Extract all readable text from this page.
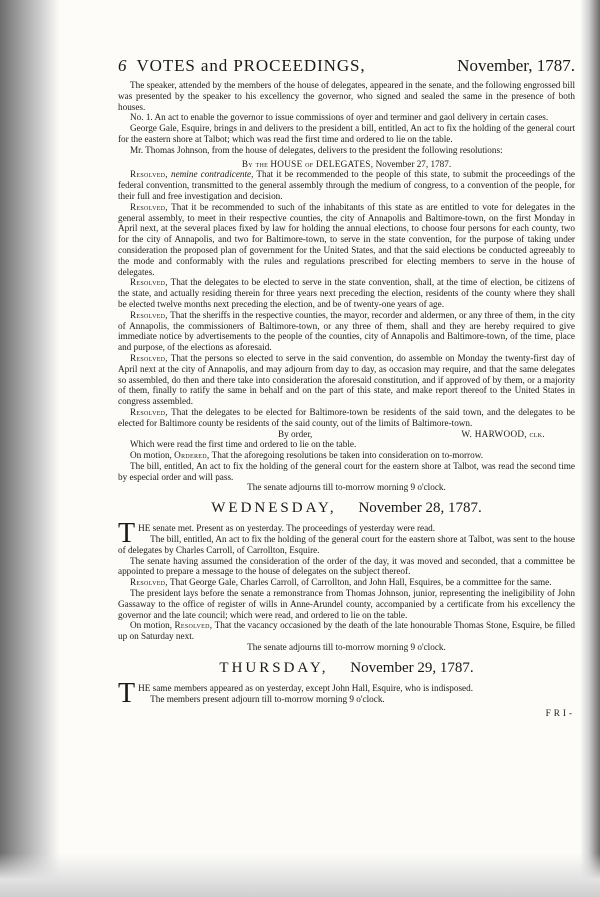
6 VOTES and PROCEEDINGS,	November, 1787.

The speaker, attended by the members of the house of delegates, appeared in the senate, and the following engrossed bill was presented by the speaker to his excellency the governor, who signed and sealed the same in the presence of both houses.

No. 1. An act to enable the governor to issue commissions of oyer and terminer and gaol delivery in certain cases.

George Gale, Esquire, brings in and delivers to the president a bill, entitled, An act to fix the holding of the general court for the eastern shore at Talbot; which was read the first time and ordered to lie on the table.

Mr. Thomas Johnson, from the house of delegates, delivers to the president the following resolutions:

By the HOUSE of DELEGATES, November 27, 1787.

Resolved, nemine contradicente, That it be recommended to the people of this state, to submit the proceedings of the federal convention, transmitted to the general assembly through the medium of congress, to a convention of the people, for their full and free investigation and decision.

Resolved, That it be recommended to such of the inhabitants of this state as are entitled to vote for delegates in the general assembly, to meet in their respective counties, the city of Annapolis and Baltimore-town, on the first Monday in April next, at the several places fixed by law for holding the annual elections, to choose four persons for each county, two for the city of Annapolis, and two for Baltimore-town, to serve in the state convention, for the purpose of taking under consideration the proposed plan of government for the United States, and that the said elections be conducted agreeably to the mode and conformably with the rules and regulations prescribed for electing members to serve in the house of delegates.

Resolved, That the delegates to be elected to serve in the state convention, shall, at the time of election, be citizens of the state, and actually residing therein for three years next preceding the election, residents of the county where they shall be elected twelve months next preceding the election, and be of twenty-one years of age.

Resolved, That the sheriffs in the respective counties, the mayor, recorder and aldermen, or any three of them, in the city of Annapolis, the commissioners of Baltimore-town, or any three of them, shall and they are hereby required to give immediate notice by advertisements to the people of the counties, city of Annapolis and Baltimore-town, of the time, place and purpose, of the elections as aforesaid.

Resolved, That the persons so elected to serve in the said convention, do assemble on Monday the twenty-first day of April next at the city of Annapolis, and may adjourn from day to day, as occasion may require, and that the same delegates so assembled, do then and there take into consideration the aforesaid constitution, and if approved of by them, or a majority of them, finally to ratify the same in behalf and on the part of this state, and make report thereof to the United States in congress assembled.

Resolved, That the delegates to be elected for Baltimore-town be residents of the said town, and the delegates to be elected for Baltimore county be residents of the said county, out of the limits of Baltimore-town.

By order,	W. HARWOOD, clk.

Which were read the first time and ordered to lie on the table.

On motion, Ordered, That the aforegoing resolutions be taken into consideration on to-morrow.

The bill, entitled, An act to fix the holding of the general court for the eastern shore at Talbot, was read the second time by especial order and will pass.

The senate adjourns till to-morrow morning 9 o'clock.

WEDNESDAY, November 28, 1787.

T HE senate met. Present as on yesterday. The proceedings of yesterday were read.

The bill, entitled, An act to fix the holding of the general court for the eastern shore at Talbot, was sent to the house of delegates by Charles Carroll, of Carrollton, Esquire.

The senate having assumed the consideration of the order of the day, it was moved and seconded, that a committee be appointed to prepare a message to the house of delegates on the subject thereof.

Resolved, That George Gale, Charles Carroll, of Carrollton, and John Hall, Esquires, be a committee for the same.

The president lays before the senate a remonstrance from Thomas Johnson, junior, representing the ineligibility of John Gassaway to the office of register of wills in Anne-Arundel county, accompanied by a certificate from his excellency the governor and the late council; which were read, and ordered to lie on the table.

On motion, Resolved, That the vacancy occasioned by the death of the late honourable Thomas Stone, Esquire, be filled up on Saturday next.

The senate adjourns till to-morrow morning 9 o'clock.

THURSDAY, November 29, 1787.

T HE same members appeared as on yesterday, except John Hall, Esquire, who is indisposed.

The members present adjourn till to-morrow morning 9 o'clock.

FRI-
